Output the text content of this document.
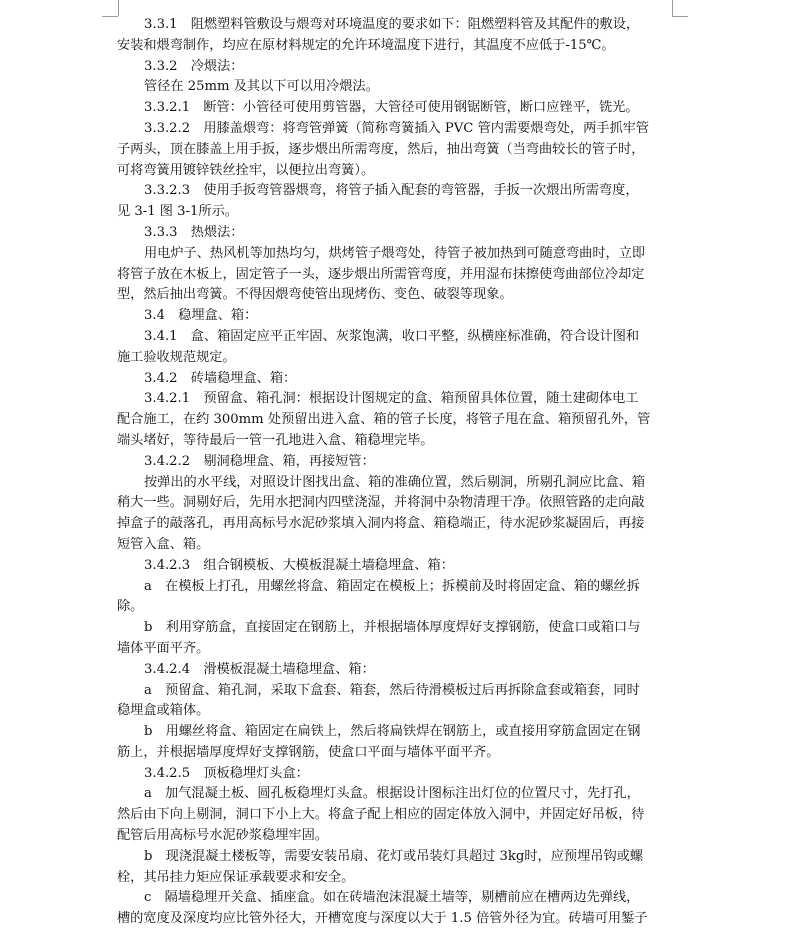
3.3.1　阻燃塑料管敷设与煨弯对环境温度的要求如下：阻燃塑料管及其配件的敷设，
安装和煨弯制作，均应在原材料规定的允许环境温度下进行，其温度不应低于-15℃。
3.3.2　冷煨法：
管径在 25mm 及其以下可以用冷煨法。
3.3.2.1　断管：小管径可使用剪管器，大管径可使用钢锯断管，断口应锉平，铣光。
3.3.2.2　用膝盖煨弯：将弯管弹簧（简称弯簧插入 PVC 管内需要煨弯处，两手抓牢管
子两头，顶在膝盖上用手扳，逐步煨出所需弯度，然后，抽出弯簧（当弯曲较长的管子时，
可将弯簧用镀锌铁丝拴牢，以便拉出弯簧）。
3.3.2.3　使用手扳弯管器煨弯，将管子插入配套的弯管器，手扳一次煨出所需弯度，
见 3-1 图 3-1所示。
3.3.3　热煨法：
用电炉子、热风机等加热均匀，烘烤管子煨弯处，待管子被加热到可随意弯曲时，立即
将管子放在木板上，固定管子一头，逐步煨出所需管弯度，并用湿布抹擦使弯曲部位冷却定
型，然后抽出弯簧。不得因煨弯使管出现烤伤、变色、破裂等现象。
3.4　稳埋盒、箱：
3.4.1　盒、箱固定应平正牢固、灰浆饱满，收口平整，纵横座标准确，符合设计图和
施工验收规范规定。
3.4.2　砖墙稳埋盒、箱：
3.4.2.1　预留盒、箱孔洞：根据设计图规定的盒、箱预留具体位置，随土建砌体电工
配合施工，在约 300mm 处预留出进入盒、箱的管子长度，将管子甩在盒、箱预留孔外，管
端头堵好，等待最后一管一孔地进入盒、箱稳埋完毕。
3.4.2.2　剔洞稳埋盒、箱，再接短管：
按弹出的水平线，对照设计图找出盒、箱的准确位置，然后剔洞，所剔孔洞应比盒、箱
稍大一些。洞剔好后，先用水把洞内四壁浇湿，并将洞中杂物清理干净。依照管路的走向敲
掉盒子的敲落孔，再用高标号水泥砂浆填入洞内将盒、箱稳端正，待水泥砂浆凝固后，再接
短管入盒、箱。
3.4.2.3　组合钢模板、大模板混凝土墙稳埋盒、箱：
a　在模板上打孔，用螺丝将盒、箱固定在模板上；拆模前及时将固定盒、箱的螺丝拆
除。
b　利用穿筋盒，直接固定在钢筋上，并根据墙体厚度焊好支撑钢筋，使盒口或箱口与
墙体平面平齐。
3.4.2.4　滑模板混凝土墙稳埋盒、箱：
a　预留盒、箱孔洞，采取下盒套、箱套，然后待滑模板过后再拆除盒套或箱套，同时
稳埋盒或箱体。
b　用螺丝将盒、箱固定在扁铁上，然后将扁铁焊在钢筋上，或直接用穿筋盒固定在钢
筋上，并根据墙厚度焊好支撑钢筋，使盒口平面与墙体平面平齐。
3.4.2.5　顶板稳埋灯头盒：
a　加气混凝土板、圆孔板稳埋灯头盒。根据设计图标注出灯位的位置尺寸，先打孔，
然后由下向上剔洞，洞口下小上大。将盒子配上相应的固定体放入洞中，并固定好吊板，待
配管后用高标号水泥砂浆稳埋牢固。
b　现浇混凝土楼板等，需要安装吊扇、花灯或吊装灯具超过 3kg时，应预埋吊钩或螺
栓，其吊挂力矩应保证承载要求和安全。
c　隔墙稳埋开关盒、插座盒。如在砖墙泡沫混凝土墙等，剔槽前应在槽两边先弹线，
槽的宽度及深度均应比管外径大，开槽宽度与深度以大于 1.5 倍管外径为宜。砖墙可用錾子
